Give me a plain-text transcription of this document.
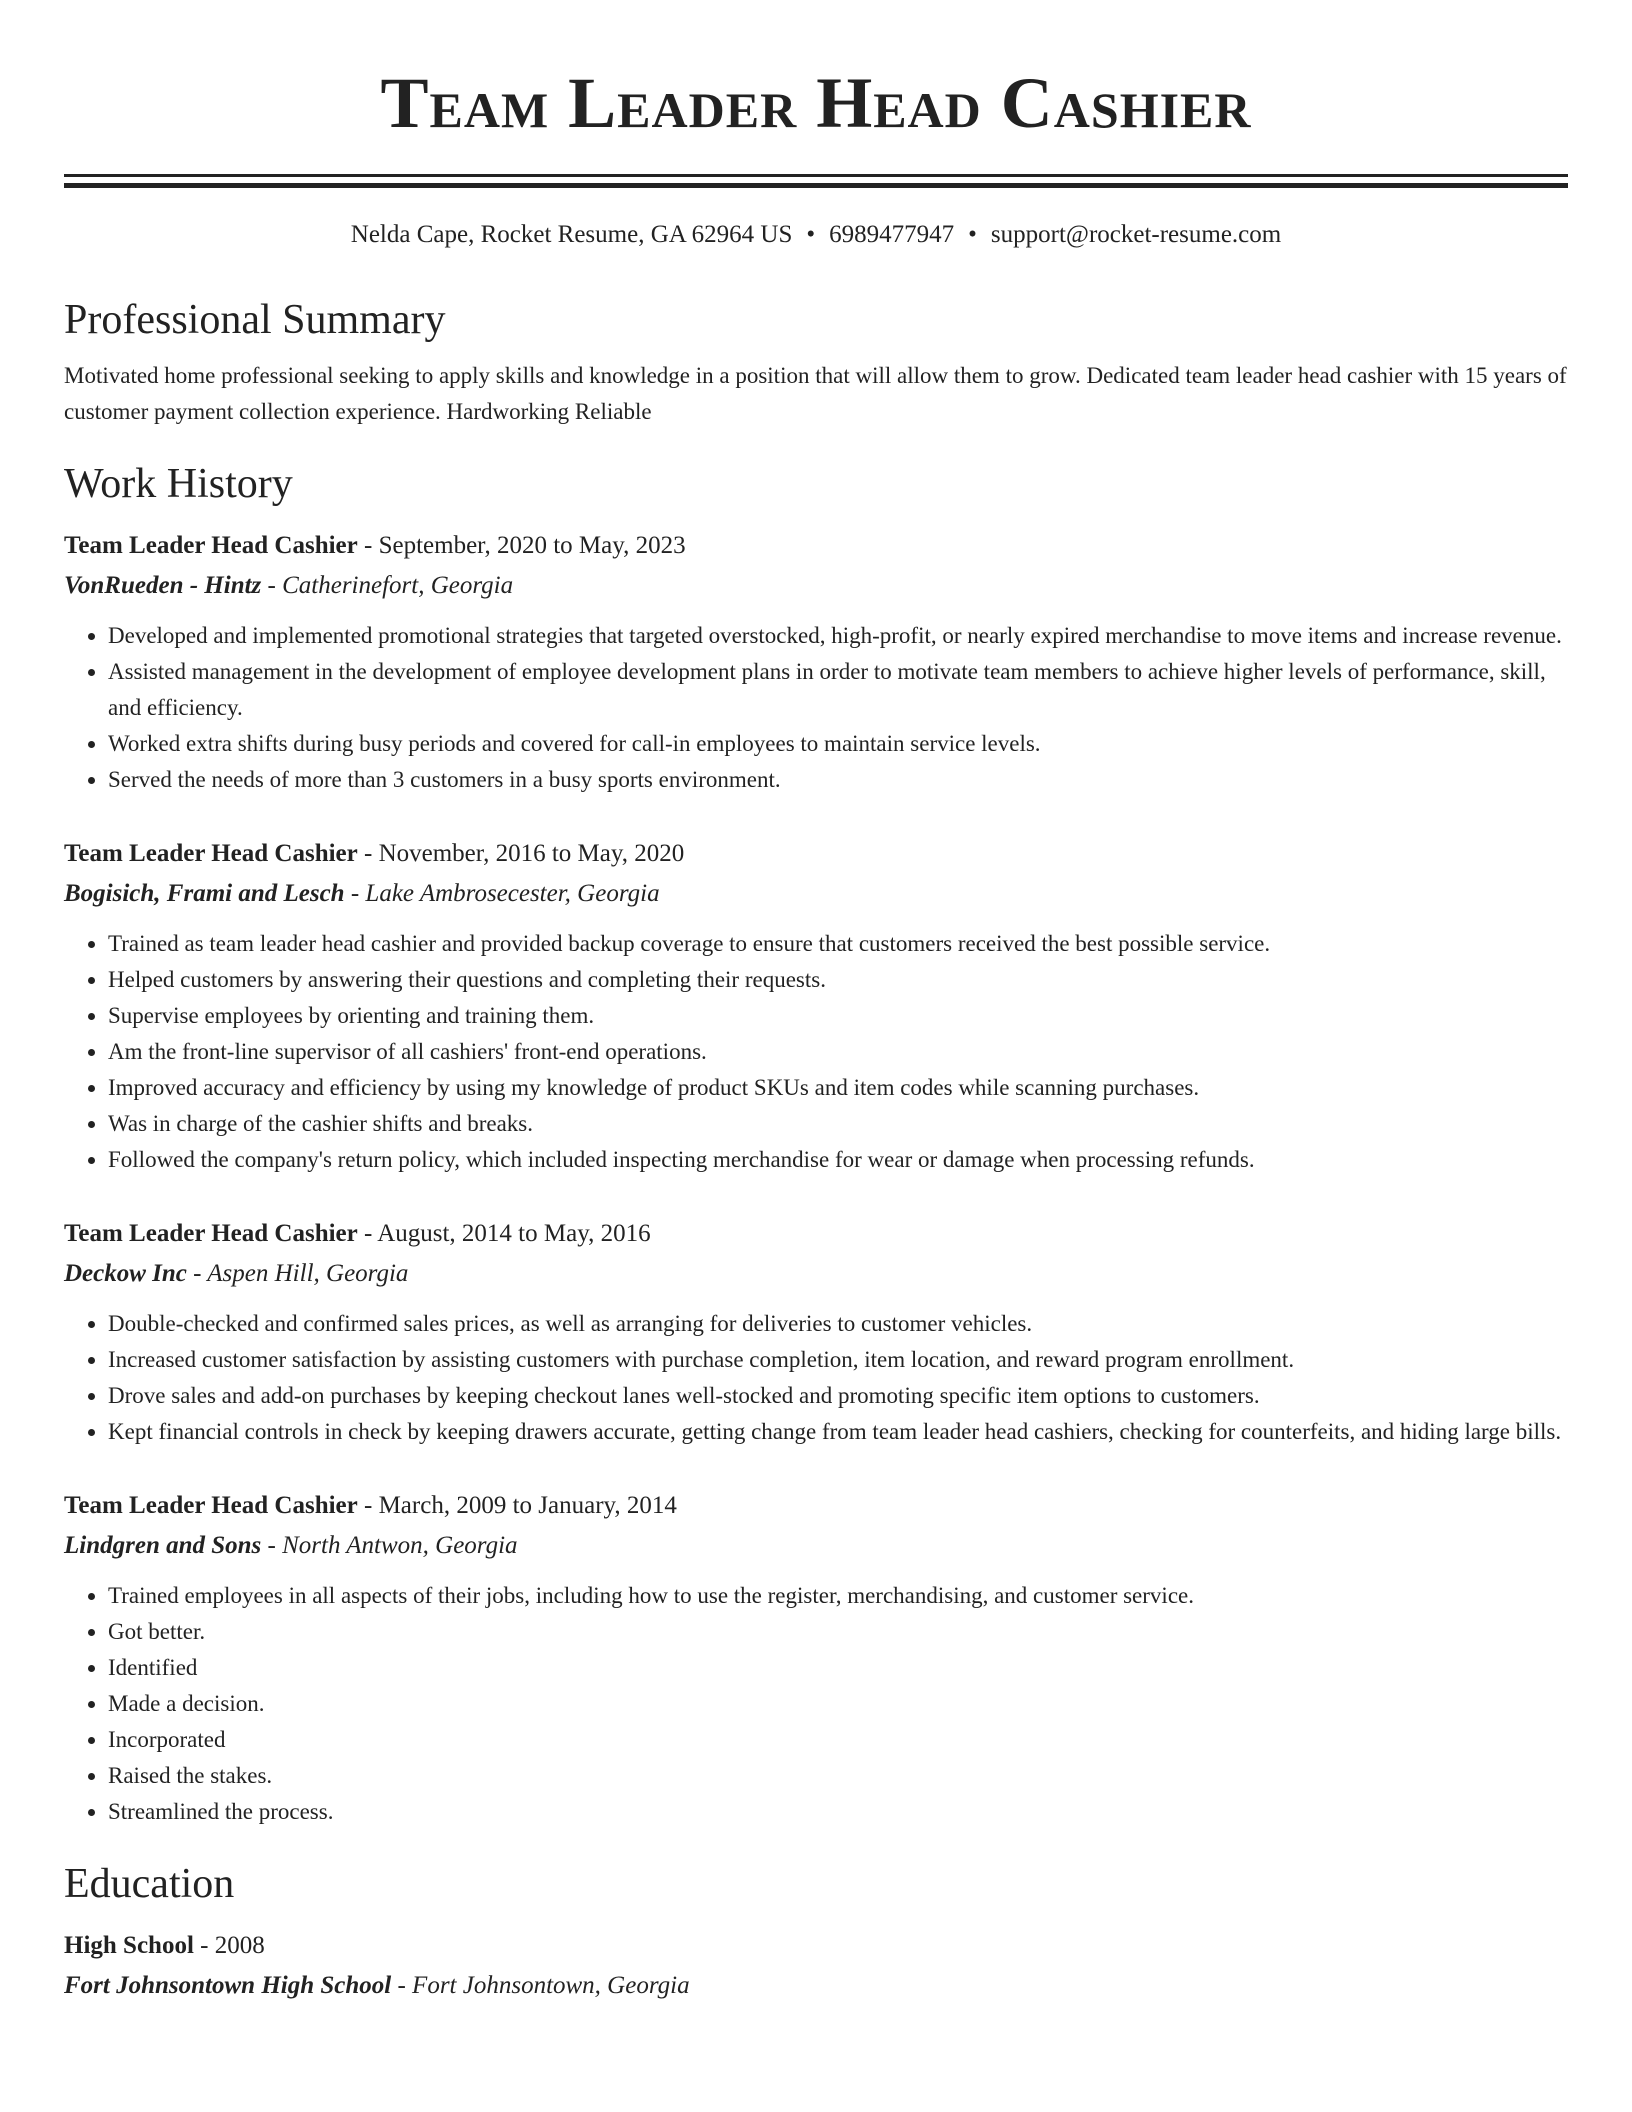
Team Leader Head Cashier
Nelda Cape, Rocket Resume, GA 62964 US • 6989477947 • support@rocket-resume.com
Professional Summary

Motivated home professional seeking to apply skills and knowledge in a position that will allow them to grow. Dedicated team leader head cashier with 15 years of customer payment collection experience. Hardworking Reliable

Work History
Team Leader Head Cashier - September, 2020 to May, 2023
VonRueden - Hintz - Catherinefort, Georgia
• Developed and implemented promotional strategies that targeted overstocked, high-profit, or nearly expired merchandise to move items and increase revenue.
• Assisted management in the development of employee development plans in order to motivate team members to achieve higher levels of performance, skill, and efficiency.
• Worked extra shifts during busy periods and covered for call-in employees to maintain service levels.
• Served the needs of more than 3 customers in a busy sports environment.
Team Leader Head Cashier - November, 2016 to May, 2020
Bogisich, Frami and Lesch - Lake Ambrosecester, Georgia
• Trained as team leader head cashier and provided backup coverage to ensure that customers received the best possible service.
• Helped customers by answering their questions and completing their requests.
• Supervise employees by orienting and training them.
• Am the front-line supervisor of all cashiers' front-end operations.
• Improved accuracy and efficiency by using my knowledge of product SKUs and item codes while scanning purchases.
• Was in charge of the cashier shifts and breaks.
• Followed the company's return policy, which included inspecting merchandise for wear or damage when processing refunds.
Team Leader Head Cashier - August, 2014 to May, 2016
Deckow Inc - Aspen Hill, Georgia
• Double-checked and confirmed sales prices, as well as arranging for deliveries to customer vehicles.
• Increased customer satisfaction by assisting customers with purchase completion, item location, and reward program enrollment.
• Drove sales and add-on purchases by keeping checkout lanes well-stocked and promoting specific item options to customers.
• Kept financial controls in check by keeping drawers accurate, getting change from team leader head cashiers, checking for counterfeits, and hiding large bills.
Team Leader Head Cashier - March, 2009 to January, 2014
Lindgren and Sons - North Antwon, Georgia
• Trained employees in all aspects of their jobs, including how to use the register, merchandising, and customer service.
• Got better.
• Identified
• Made a decision.
• Incorporated
• Raised the stakes.
• Streamlined the process.
Education
High School - 2008
Fort Johnsontown High School - Fort Johnsontown, Georgia
